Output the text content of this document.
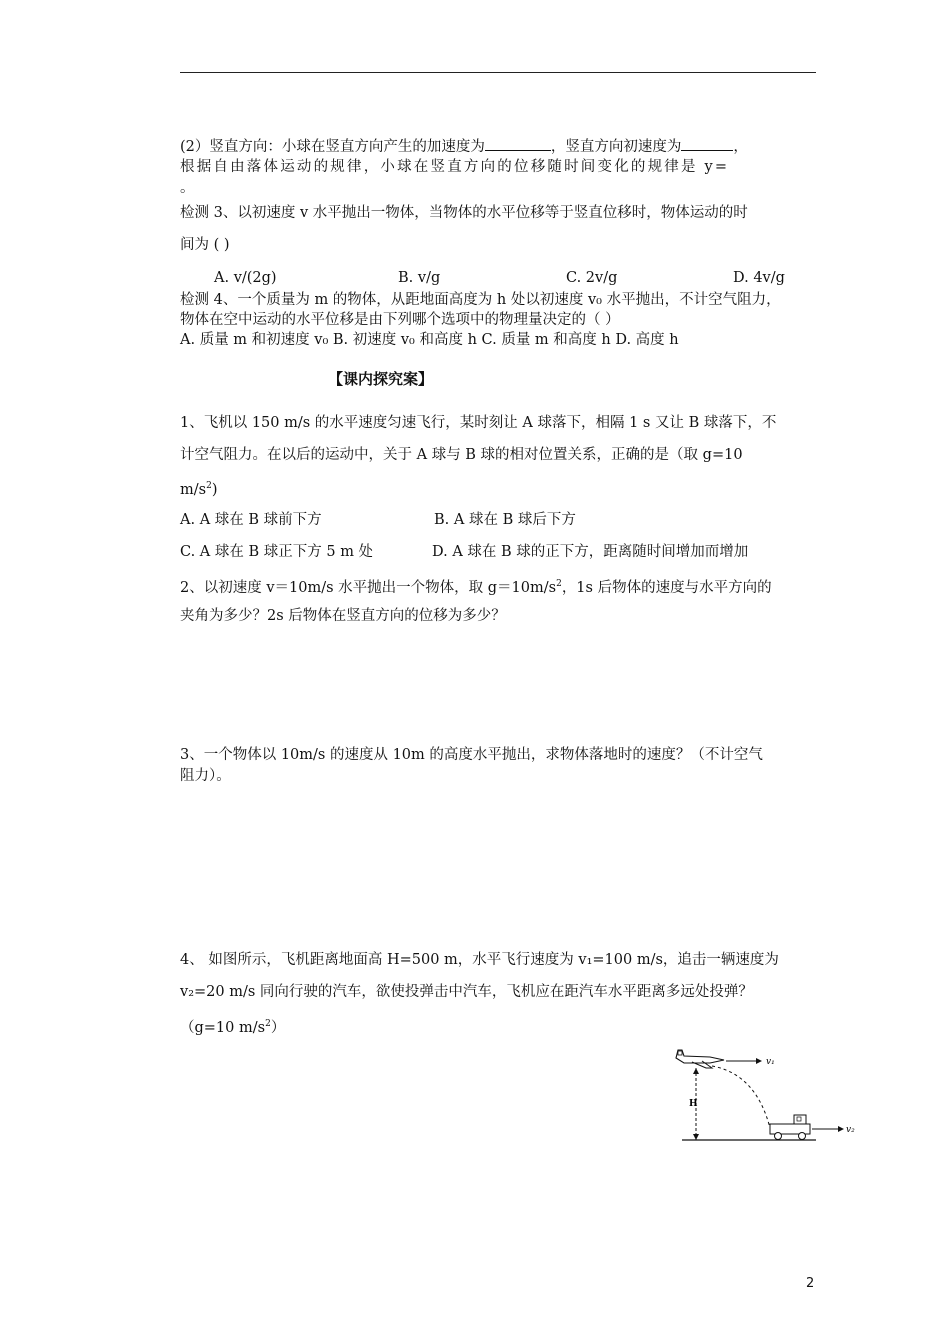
(2）竖直方向：小球在竖直方向产生的加速度为	，竖直方向初速度为	，
根据自由落体运动的规律，小球在竖直方向的位移随时间变化的规律是 y=
。
检测 3、以初速度 v 水平抛出一物体，当物体的水平位移等于竖直位移时，物体运动的时
间为 ( )
A. v/(2g)	B. v/g	C. 2v/g	D. 4v/g
检测 4、一个质量为 m 的物体，从距地面高度为 h 处以初速度 v₀ 水平抛出，不计空气阻力，
物体在空中运动的水平位移是由下列哪个选项中的物理量决定的（ ）
A. 质量 m 和初速度 v₀ B. 初速度 v₀ 和高度 h C. 质量 m 和高度 h D. 高度 h
【课内探究案】
1、飞机以 150 m/s 的水平速度匀速飞行，某时刻让 A 球落下，相隔 1 s 又让 B 球落下，不
计空气阻力。在以后的运动中，关于 A 球与 B 球的相对位置关系，正确的是（取 g=10
$m/s^2$)
A. A 球在 B 球前下方	B. A 球在 B 球后下方
C. A 球在 B 球正下方 5 m 处	D. A 球在 B 球的正下方，距离随时间增加而增加
2、以初速度 v＝10m/s 水平抛出一个物体，取 $g=10m/s^2$，1s 后物体的速度与水平方向的
夹角为多少？2s 后物体在竖直方向的位移为多少？
3、一个物体以 10m/s 的速度从 10m 的高度水平抛出，求物体落地时的速度？（不计空气
阻力）。
4、 如图所示，飞机距离地面高 H=500 m，水平飞行速度为 v₁=100 m/s，追击一辆速度为
v₂=20 m/s 同向行驶的汽车，欲使投弹击中汽车，飞机应在距汽车水平距离多远处投弹？
（g=10 $m/s^2$）
v₁
H
v₂
2
